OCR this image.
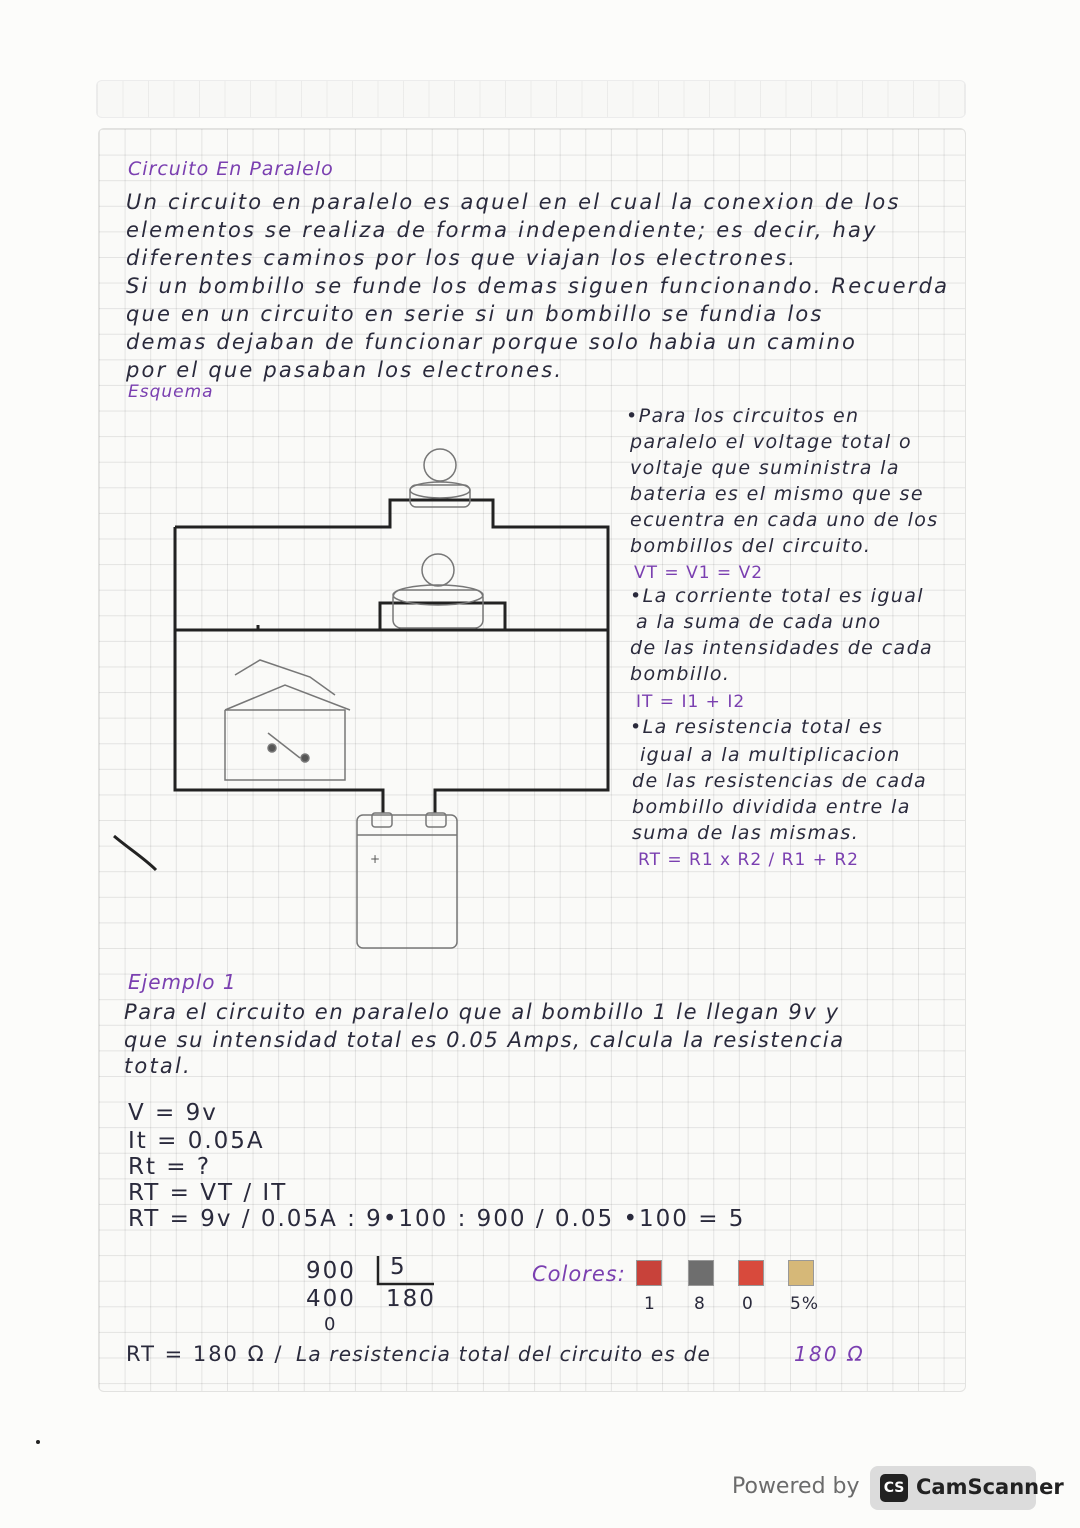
Circuito En Paralelo

Un circuito en paralelo es aquel en el cual la conexion de los

elementos se realiza de forma independiente; es decir, hay

diferentes caminos por los que viajan los electrones.

Si un bombillo se funde los demas siguen funcionando. Recuerda

que en un circuito en serie si un bombillo se fundia los

demas dejaban de funcionar porque solo habia un camino

por el que pasaban los electrones.

Esquema

+

•Para los circuitos en

paralelo el voltage total o

voltaje que suministra la

bateria es el mismo que se

ecuentra en cada uno de los

bombillos del circuito.

VT = V1 = V2

•La corriente total es igual

a la suma de cada uno

de las intensidades de cada

bombillo.

IT = I1 + I2

•La resistencia total es

igual a la multiplicacion

de las resistencias de cada

bombillo dividida entre la

suma de las mismas.

RT = R1 x R2 / R1 + R2

Ejemplo 1

Para el circuito en paralelo que al bombillo 1 le llegan 9v y

que su intensidad total es 0.05 Amps, calcula la resistencia

total.

V = 9v

It = 0.05A

Rt = ?

RT = VT / IT

RT = 9v / 0.05A : 9•100 : 900 / 0.05 •100 = 5

900 5

400 180

0

Colores:

1 8 0 5%

RT = 180 Ω / La resistencia total del circuito es de	180 Ω

Powered by CS CamScanner
